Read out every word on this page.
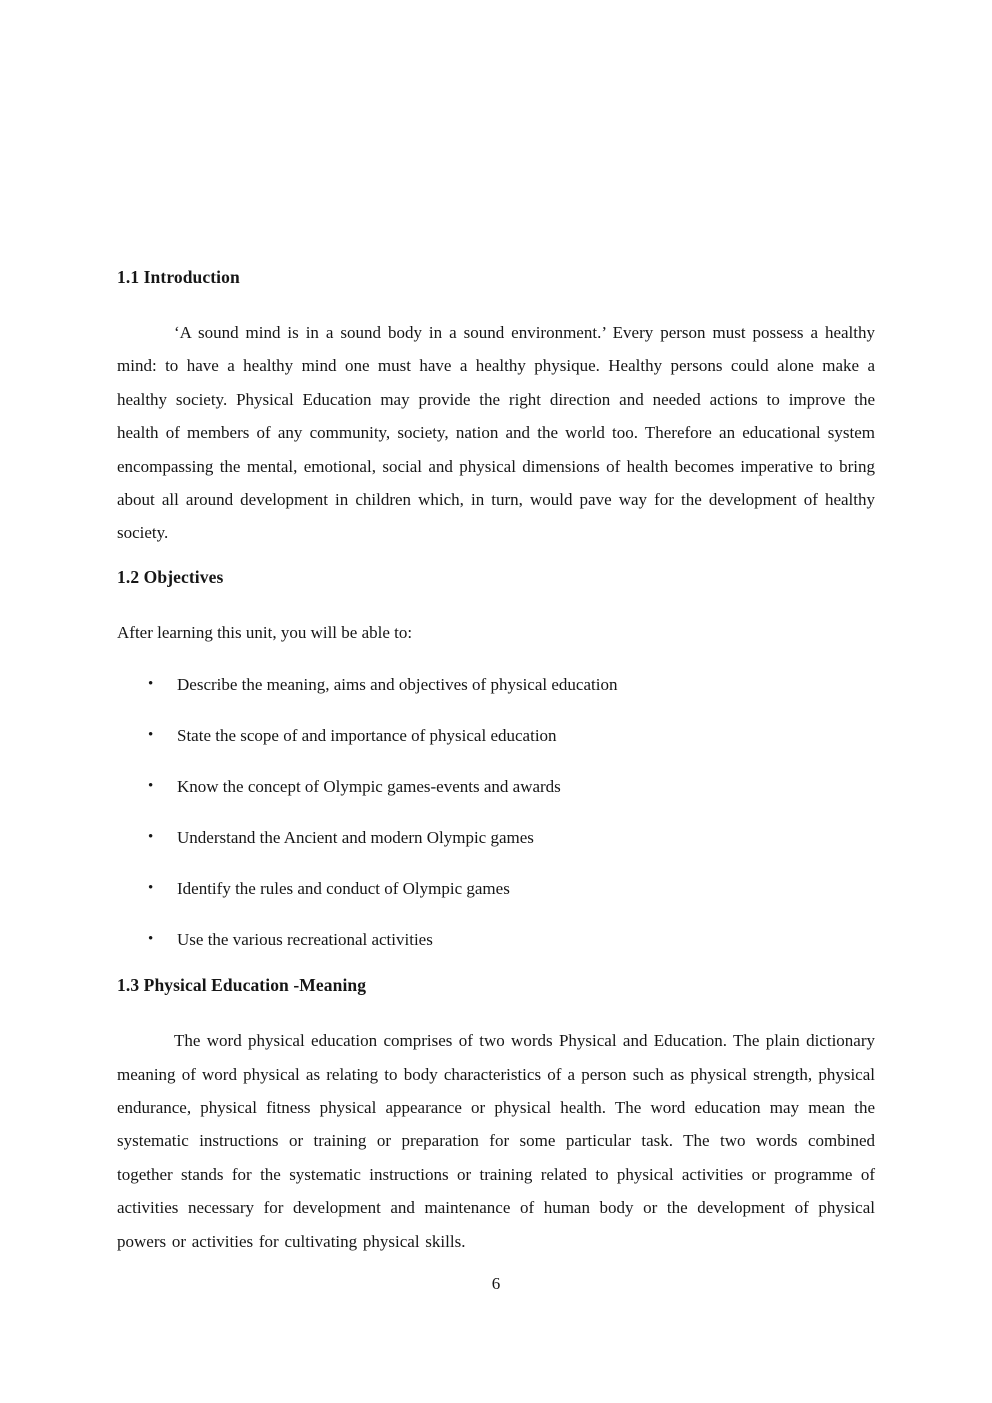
1.1 Introduction

‘A sound mind is in a sound body in a sound environment.’ Every person must possess a healthy mind: to have a healthy mind one must have a healthy physique. Healthy persons could alone make a healthy society. Physical Education may provide the right direction and needed actions to improve the health of members of any community, society, nation and the world too. Therefore an educational system encompassing the mental, emotional, social and physical dimensions of health becomes imperative to bring about all around development in children which, in turn, would pave way for the development of healthy society.

1.2 Objectives

After learning this unit, you will be able to:

• Describe the meaning, aims and objectives of physical education
• State the scope of and importance of physical education
• Know the concept of Olympic games-events and awards
• Understand the Ancient and modern Olympic games
• Identify the rules and conduct of Olympic games
• Use the various recreational activities
1.3 Physical Education -Meaning

The word physical education comprises of two words Physical and Education. The plain dictionary meaning of word physical as relating to body characteristics of a person such as physical strength, physical endurance, physical fitness physical appearance or physical health. The word education may mean the systematic instructions or training or preparation for some particular task. The two words combined together stands for the systematic instructions or training related to physical activities or programme of activities necessary for development and maintenance of human body or the development of physical powers or activities for cultivating physical skills.

6
